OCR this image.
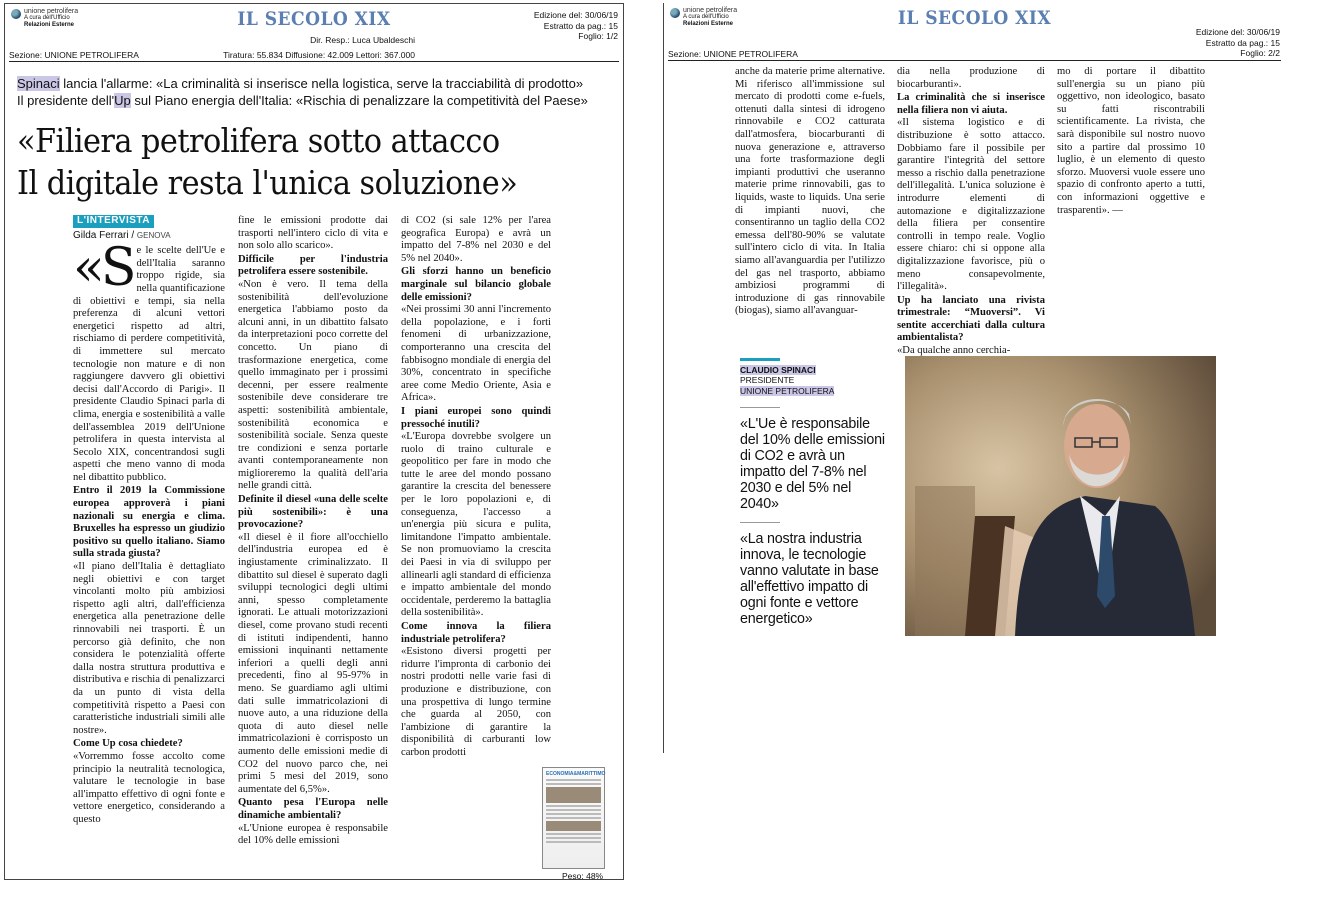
unione petrolifera
A cura dell'Ufficio
Relazioni Esterne	IL SECOLO XIX	Edizione del: 30/06/19
Estratto da pag.: 15
Foglio: 1/2
Dir. Resp.: Luca Ubaldeschi
Tiratura: 55.834 Diffusione: 42.009 Lettori: 367.000
Sezione: UNIONE PETROLIFERA
Spinaci lancia l'allarme: «La criminalità si inserisce nella logistica, serve la tracciabilità di prodotto»
Il presidente dell'Up sul Piano energia dell'Italia: «Rischia di penalizzare la competitività del Paese»
«Filiera petrolifera sotto attacco
Il digitale resta l'unica soluzione»
L'INTERVISTA
Gilda Ferrari / GENOVA
«S e le scelte dell'Ue e dell'Italia saranno troppo rigide, sia nella quantificazione di obiettivi e tempi, sia nella preferenza di alcuni vettori energetici rispetto ad altri, rischiamo di perdere competitività, di immettere sul mercato tecnologie non mature e di non raggiungere davvero gli obiettivi decisi dall'Accordo di Parigi». Il presidente Claudio Spinaci parla di clima, energia e sostenibilità a valle dell'assemblea 2019 dell'Unione petrolifera in questa intervista al Secolo XIX, concentrandosi sugli aspetti che meno vanno di moda nel dibattito pubblico.

Entro il 2019 la Commissione europea approverà i piani nazionali su energia e clima. Bruxelles ha espresso un giudizio positivo su quello italiano. Siamo sulla strada giusta?

«Il piano dell'Italia è dettagliato negli obiettivi e con target vincolanti molto più ambiziosi rispetto agli altri, dall'efficienza energetica alla penetrazione delle rinnovabili nei trasporti. È un percorso già definito, che non considera le potenzialità offerte dalla nostra struttura produttiva e distributiva e rischia di penalizzarci da un punto di vista della competitività rispetto a Paesi con caratteristiche industriali simili alle nostre».

Come Up cosa chiedete?

«Vorremmo fosse accolto come principio la neutralità tecnologica, valutare le tecnologie in base all'impatto effettivo di ogni fonte e vettore energetico, considerando a questo

fine le emissioni prodotte dai trasporti nell'intero ciclo di vita e non solo allo scarico».

Difficile per l'industria petrolifera essere sostenibile.

«Non è vero. Il tema della sostenibilità dell'evoluzione energetica l'abbiamo posto da alcuni anni, in un dibattito falsato da interpretazioni poco corrette del concetto. Un piano di trasformazione energetica, come quello immaginato per i prossimi decenni, per essere realmente sostenibile deve considerare tre aspetti: sostenibilità ambientale, sostenibilità economica e sostenibilità sociale. Senza queste tre condizioni e senza portarle avanti contemporaneamente non miglioreremo la qualità dell'aria nelle grandi città.

Definite il diesel «una delle scelte più sostenibili»: è una provocazione?

«Il diesel è il fiore all'occhiello dell'industria europea ed è ingiustamente criminalizzato. Il dibattito sul diesel è superato dagli sviluppi tecnologici degli ultimi anni, spesso completamente ignorati. Le attuali motorizzazioni diesel, come provano studi recenti di istituti indipendenti, hanno emissioni inquinanti nettamente inferiori a quelli degli anni precedenti, fino al 95-97% in meno. Se guardiamo agli ultimi dati sulle immatricolazioni di nuove auto, a una riduzione della quota di auto diesel nelle immatricolazioni è corrisposto un aumento delle emissioni medie di CO2 del nuovo parco che, nei primi 5 mesi del 2019, sono aumentate del 6,5%».

Quanto pesa l'Europa nelle dinamiche ambientali?

«L'Unione europea è responsabile del 10% delle emissioni

di CO2 (si sale 12% per l'area geografica Europa) e avrà un impatto del 7-8% nel 2030 e del 5% nel 2040».

Gli sforzi hanno un beneficio marginale sul bilancio globale delle emissioni?

«Nei prossimi 30 anni l'incremento della popolazione, e i forti fenomeni di urbanizzazione, comporteranno una crescita del fabbisogno mondiale di energia del 30%, concentrato in specifiche aree come Medio Oriente, Asia e Africa».

I piani europei sono quindi pressoché inutili?

«L'Europa dovrebbe svolgere un ruolo di traino culturale e geopolitico per fare in modo che tutte le aree del mondo possano garantire la crescita del benessere per le loro popolazioni e, di conseguenza, l'accesso a un'energia più sicura e pulita, limitandone l'impatto ambientale. Se non promuoviamo la crescita dei Paesi in via di sviluppo per allinearli agli standard di efficienza e impatto ambientale del mondo occidentale, perderemo la battaglia della sostenibilità».

Come innova la filiera industriale petrolifera?

«Esistono diversi progetti per ridurre l'impronta di carbonio dei nostri prodotti nelle varie fasi di produzione e distribuzione, con una prospettiva di lungo termine che guarda al 2050, con l'ambizione di garantire la disponibilità di carburanti low carbon prodotti

ECONOMIA&MARITTIMO
Peso: 48%
unione petrolifera
A cura dell'Ufficio
Relazioni Esterne	IL SECOLO XIX
Edizione del: 30/06/19
Estratto da pag.: 15
Foglio: 2/2
Sezione: UNIONE PETROLIFERA

anche da materie prime alternative. Mi riferisco all'immissione sul mercato di prodotti come e-fuels, ottenuti dalla sintesi di idrogeno rinnovabile e CO2 catturata dall'atmosfera, biocarburanti di nuova generazione e, attraverso una forte trasformazione degli impianti produttivi che useranno materie prime rinnovabili, gas to liquids, waste to liquids. Una serie di impianti nuovi, che consentiranno un taglio della CO2 emessa dell'80-90% se valutate sull'intero ciclo di vita. In Italia siamo all'avanguardia per l'utilizzo del gas nel trasporto, abbiamo ambiziosi programmi di introduzione di gas rinnovabile (biogas), siamo all'avanguar-

dia nella produzione di biocarburanti».

La criminalità che si inserisce nella filiera non vi aiuta.

«Il sistema logistico e di distribuzione è sotto attacco. Dobbiamo fare il possibile per garantire l'integrità del settore messo a rischio dalla penetrazione dell'illegalità. L'unica soluzione è introdurre elementi di automazione e digitalizzazione della filiera per consentire controlli in tempo reale. Voglio essere chiaro: chi si oppone alla digitalizzazione favorisce, più o meno consapevolmente, l'illegalità».

Up ha lanciato una rivista trimestrale: “Muoversi”. Vi sentite accerchiati dalla cultura ambientalista?

«Da qualche anno cerchia-

mo di portare il dibattito sull'energia su un piano più oggettivo, non ideologico, basato su fatti riscontrabili scientificamente. La rivista, che sarà disponibile sul nostro nuovo sito a partire dal prossimo 10 luglio, è un elemento di questo sforzo. Muoversi vuole essere uno spazio di confronto aperto a tutti, con informazioni oggettive e trasparenti». —

CLAUDIO SPINACI
PRESIDENTE
UNIONE PETROLIFERA
«L'Ue è responsabile del 10% delle emissioni di CO2 e avrà un impatto del 7-8% nel 2030 e del 5% nel 2040»
«La nostra industria innova, le tecnologie vanno valutate in base all'effettivo impatto di ogni fonte e vettore energetico»
